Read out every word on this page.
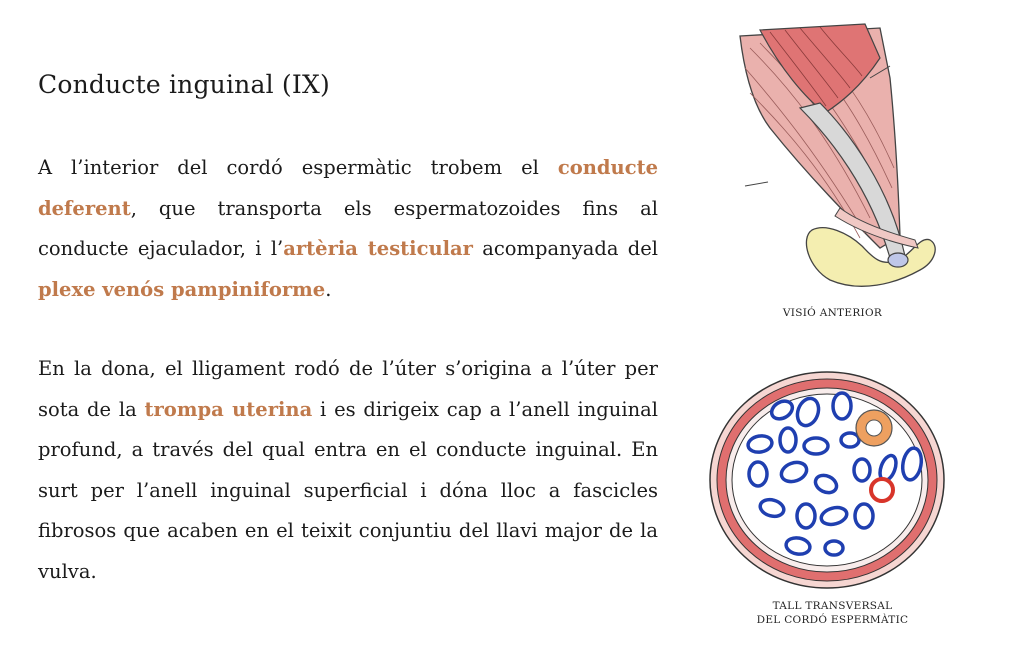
Conducte inguinal (IX)

A l’interior del cordó espermàtic trobem el conducte deferent, que transporta els espermatozoides fins al conducte ejaculador, i l’artèria testicular acompanyada del plexe venós pampiniforme.

En la dona, el lligament rodó de l’úter s’origina a l’úter per sota de la trompa uterina i es dirigeix cap a l’anell inguinal profund, a través del qual entra en el conducte inguinal. En surt per l’anell inguinal superficial i dóna lloc a fascicles fibrosos que acaben en el teixit conjuntiu del llavi major de la vulva.

VISIÓ ANTERIOR
TALL TRANSVERSAL
DEL CORDÓ ESPERMÀTIC
